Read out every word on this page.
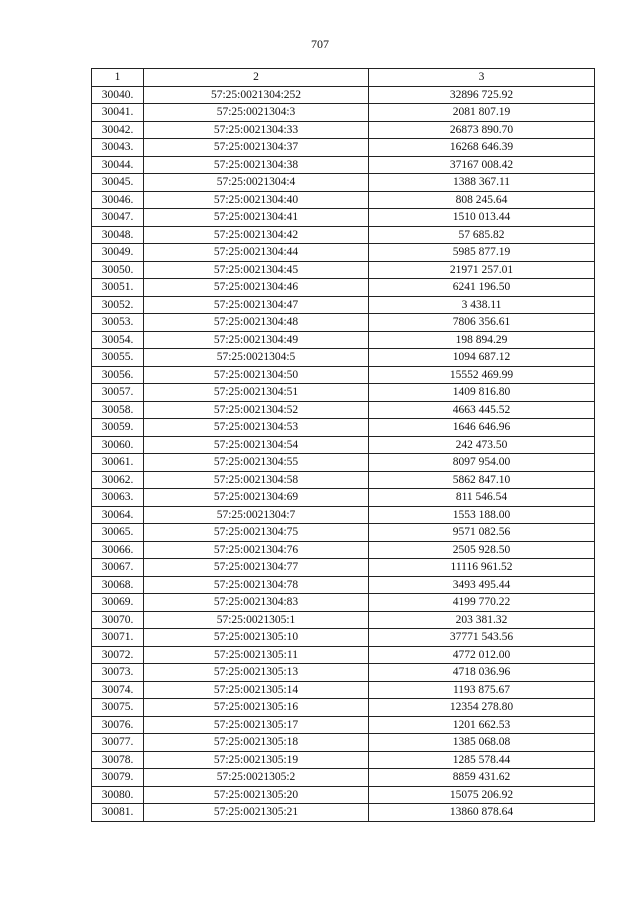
707
1	2	3
30040.	57:25:0021304:252	32896 725.92
30041.	57:25:0021304:3	2081 807.19
30042.	57:25:0021304:33	26873 890.70
30043.	57:25:0021304:37	16268 646.39
30044.	57:25:0021304:38	37167 008.42
30045.	57:25:0021304:4	1388 367.11
30046.	57:25:0021304:40	808 245.64
30047.	57:25:0021304:41	1510 013.44
30048.	57:25:0021304:42	57 685.82
30049.	57:25:0021304:44	5985 877.19
30050.	57:25:0021304:45	21971 257.01
30051.	57:25:0021304:46	6241 196.50
30052.	57:25:0021304:47	3 438.11
30053.	57:25:0021304:48	7806 356.61
30054.	57:25:0021304:49	198 894.29
30055.	57:25:0021304:5	1094 687.12
30056.	57:25:0021304:50	15552 469.99
30057.	57:25:0021304:51	1409 816.80
30058.	57:25:0021304:52	4663 445.52
30059.	57:25:0021304:53	1646 646.96
30060.	57:25:0021304:54	242 473.50
30061.	57:25:0021304:55	8097 954.00
30062.	57:25:0021304:58	5862 847.10
30063.	57:25:0021304:69	811 546.54
30064.	57:25:0021304:7	1553 188.00
30065.	57:25:0021304:75	9571 082.56
30066.	57:25:0021304:76	2505 928.50
30067.	57:25:0021304:77	11116 961.52
30068.	57:25:0021304:78	3493 495.44
30069.	57:25:0021304:83	4199 770.22
30070.	57:25:0021305:1	203 381.32
30071.	57:25:0021305:10	37771 543.56
30072.	57:25:0021305:11	4772 012.00
30073.	57:25:0021305:13	4718 036.96
30074.	57:25:0021305:14	1193 875.67
30075.	57:25:0021305:16	12354 278.80
30076.	57:25:0021305:17	1201 662.53
30077.	57:25:0021305:18	1385 068.08
30078.	57:25:0021305:19	1285 578.44
30079.	57:25:0021305:2	8859 431.62
30080.	57:25:0021305:20	15075 206.92
30081.	57:25:0021305:21	13860 878.64
